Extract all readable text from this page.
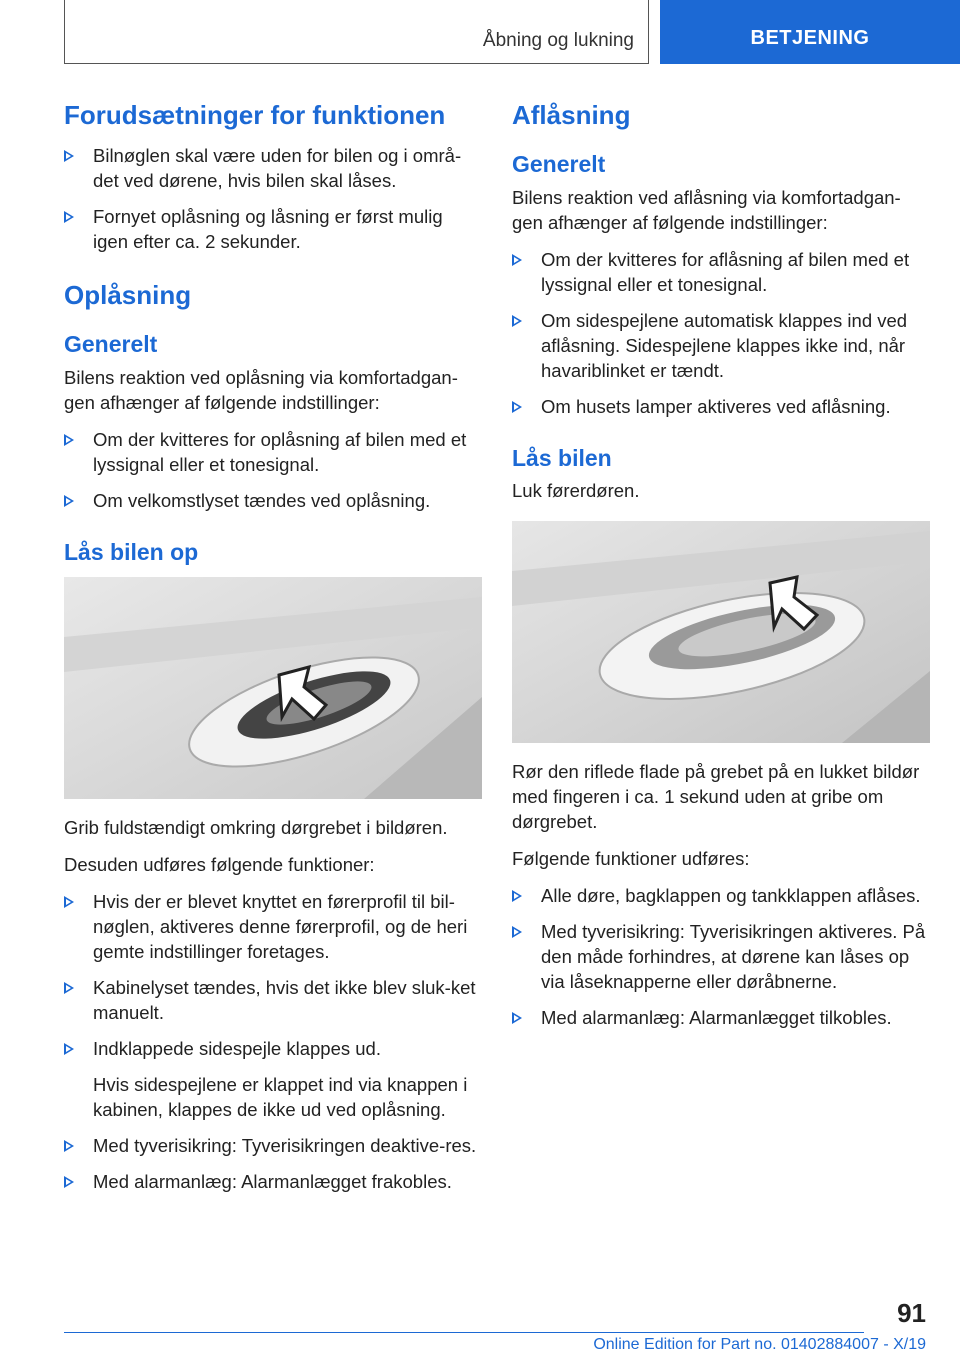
Åbning og lukning	BETJENING
Forudsætninger for funktionen
Bilnøglen skal være uden for bilen og i områ-det ved dørene, hvis bilen skal låses.
Fornyet oplåsning og låsning er først mulig igen efter ca. 2 sekunder.
Oplåsning
Generelt

Bilens reaktion ved oplåsning via komfortadgan-gen afhænger af følgende indstillinger:

Om der kvitteres for oplåsning af bilen med et lyssignal eller et tonesignal.
Om velkomstlyset tændes ved oplåsning.
Lås bilen op

Grib fuldstændigt omkring dørgrebet i bildøren.

Desuden udføres følgende funktioner:

Hvis der er blevet knyttet en førerprofil til bil-nøglen, aktiveres denne førerprofil, og de heri gemte indstillinger foretages.
Kabinelyset tændes, hvis det ikke blev sluk-ket manuelt.
Indklappede sidespejle klappes ud.
Hvis sidespejlene er klappet ind via knappen i kabinen, klappes de ikke ud ved oplåsning.
Med tyverisikring: Tyverisikringen deaktive-res.
Med alarmanlæg: Alarmanlægget frakobles.
Aflåsning
Generelt

Bilens reaktion ved aflåsning via komfortadgan-gen afhænger af følgende indstillinger:

Om der kvitteres for aflåsning af bilen med et lyssignal eller et tonesignal.
Om sidespejlene automatisk klappes ind ved aflåsning. Sidespejlene klappes ikke ind, når havariblinket er tændt.
Om husets lamper aktiveres ved aflåsning.
Lås bilen

Luk førerdøren.

Rør den riflede flade på grebet på en lukket bildør med fingeren i ca. 1 sekund uden at gribe om dørgrebet.

Følgende funktioner udføres:

Alle døre, bagklappen og tankklappen aflåses.
Med tyverisikring: Tyverisikringen aktiveres. På den måde forhindres, at dørene kan låses op via låseknapperne eller døråbnerne.
Med alarmanlæg: Alarmanlægget tilkobles.
91
Online Edition for Part no. 01402884007 - X/19
